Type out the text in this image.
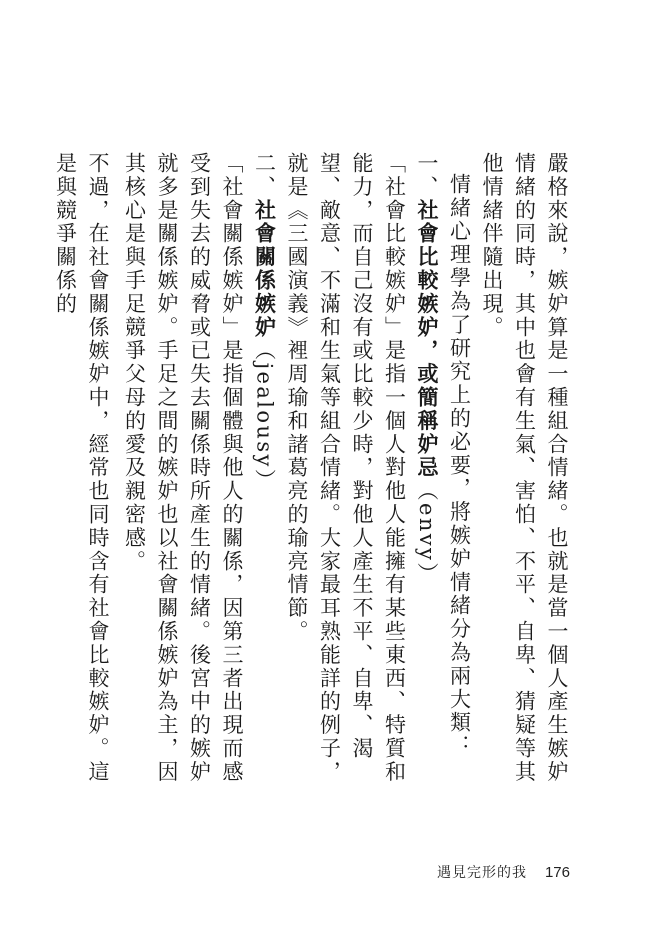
嚴格來說，嫉妒算是一種組合情緒。也就是當一個人產生嫉妒情緒的同時，其中也會有生氣、害怕、不平、自卑、猜疑等其他情緒伴隨出現。

情緒心理學為了研究上的必要，將嫉妒情緒分為兩大類：

一、社會比較嫉妒，或簡稱妒忌（envy）

「社會比較嫉妒」是指一個人對他人能擁有某些東西、特質和能力，而自己沒有或比較少時，對他人產生不平、自卑、渴望、敵意、不滿和生氣等組合情緒。大家最耳熟能詳的例子，就是《三國演義》裡周瑜和諸葛亮的瑜亮情節。

二、社會關係嫉妒（jealousy）

「社會關係嫉妒」是指個體與他人的關係，因第三者出現而感受到失去的威脅或已失去關係時所產生的情緒。後宮中的嫉妒就多是關係嫉妒。手足之間的嫉妒也以社會關係嫉妒為主，因其核心是與手足競爭父母的愛及親密感。

不過，在社會關係嫉妒中，經常也同時含有社會比較嫉妒。這是與競爭關係的

遇見完形的我 176
